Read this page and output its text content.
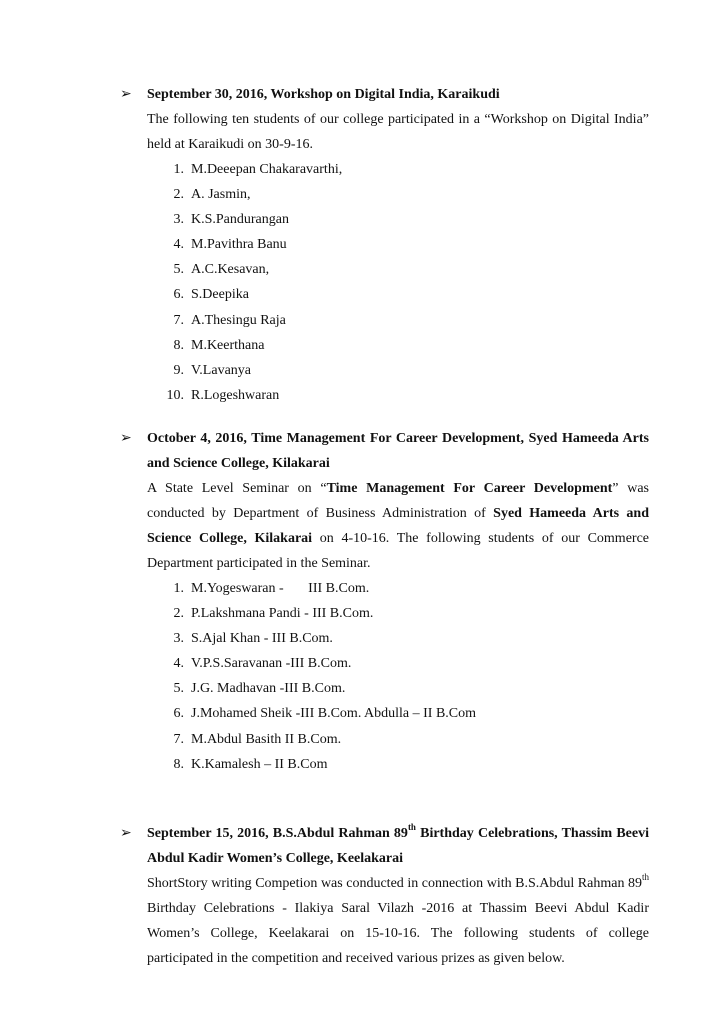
➢	September 30, 2016, Workshop on Digital India, Karaikudi
The following ten students of our college participated in a “Workshop on Digital India” held at Karaikudi on 30-9-16.
1. M.Deeepan Chakaravarthi,
2. A. Jasmin,
3. K.S.Pandurangan
4. M.Pavithra Banu
5. A.C.Kesavan,
6. S.Deepika
7. A.Thesingu Raja
8. M.Keerthana
9. V.Lavanya
10. R.Logeshwaran
➢	October 4, 2016, Time Management For Career Development, Syed Hameeda Arts and Science College, Kilakarai
A State Level Seminar on “Time Management For Career Development” was conducted by Department of Business Administration of Syed Hameeda Arts and Science College, Kilakarai on 4-10-16. The following students of our Commerce Department participated in the Seminar.
1. M.Yogeswaran -       III B.Com.
2. P.Lakshmana Pandi - III B.Com.
3. S.Ajal Khan - III B.Com.
4. V.P.S.Saravanan -III B.Com.
5. J.G. Madhavan -III B.Com.
6. J.Mohamed Sheik -III B.Com. Abdulla – II B.Com
7. M.Abdul Basith II B.Com.
8. K.Kamalesh – II B.Com
➢	September 15, 2016, B.S.Abdul Rahman 89th Birthday Celebrations, Thassim Beevi Abdul Kadir Women’s College, Keelakarai
ShortStory writing Competion was conducted in connection with B.S.Abdul Rahman 89th Birthday Celebrations - Ilakiya Saral Vilazh -2016 at Thassim Beevi Abdul Kadir Women’s College, Keelakarai on 15-10-16. The following students of college participated in the competition and received various prizes as given below.
